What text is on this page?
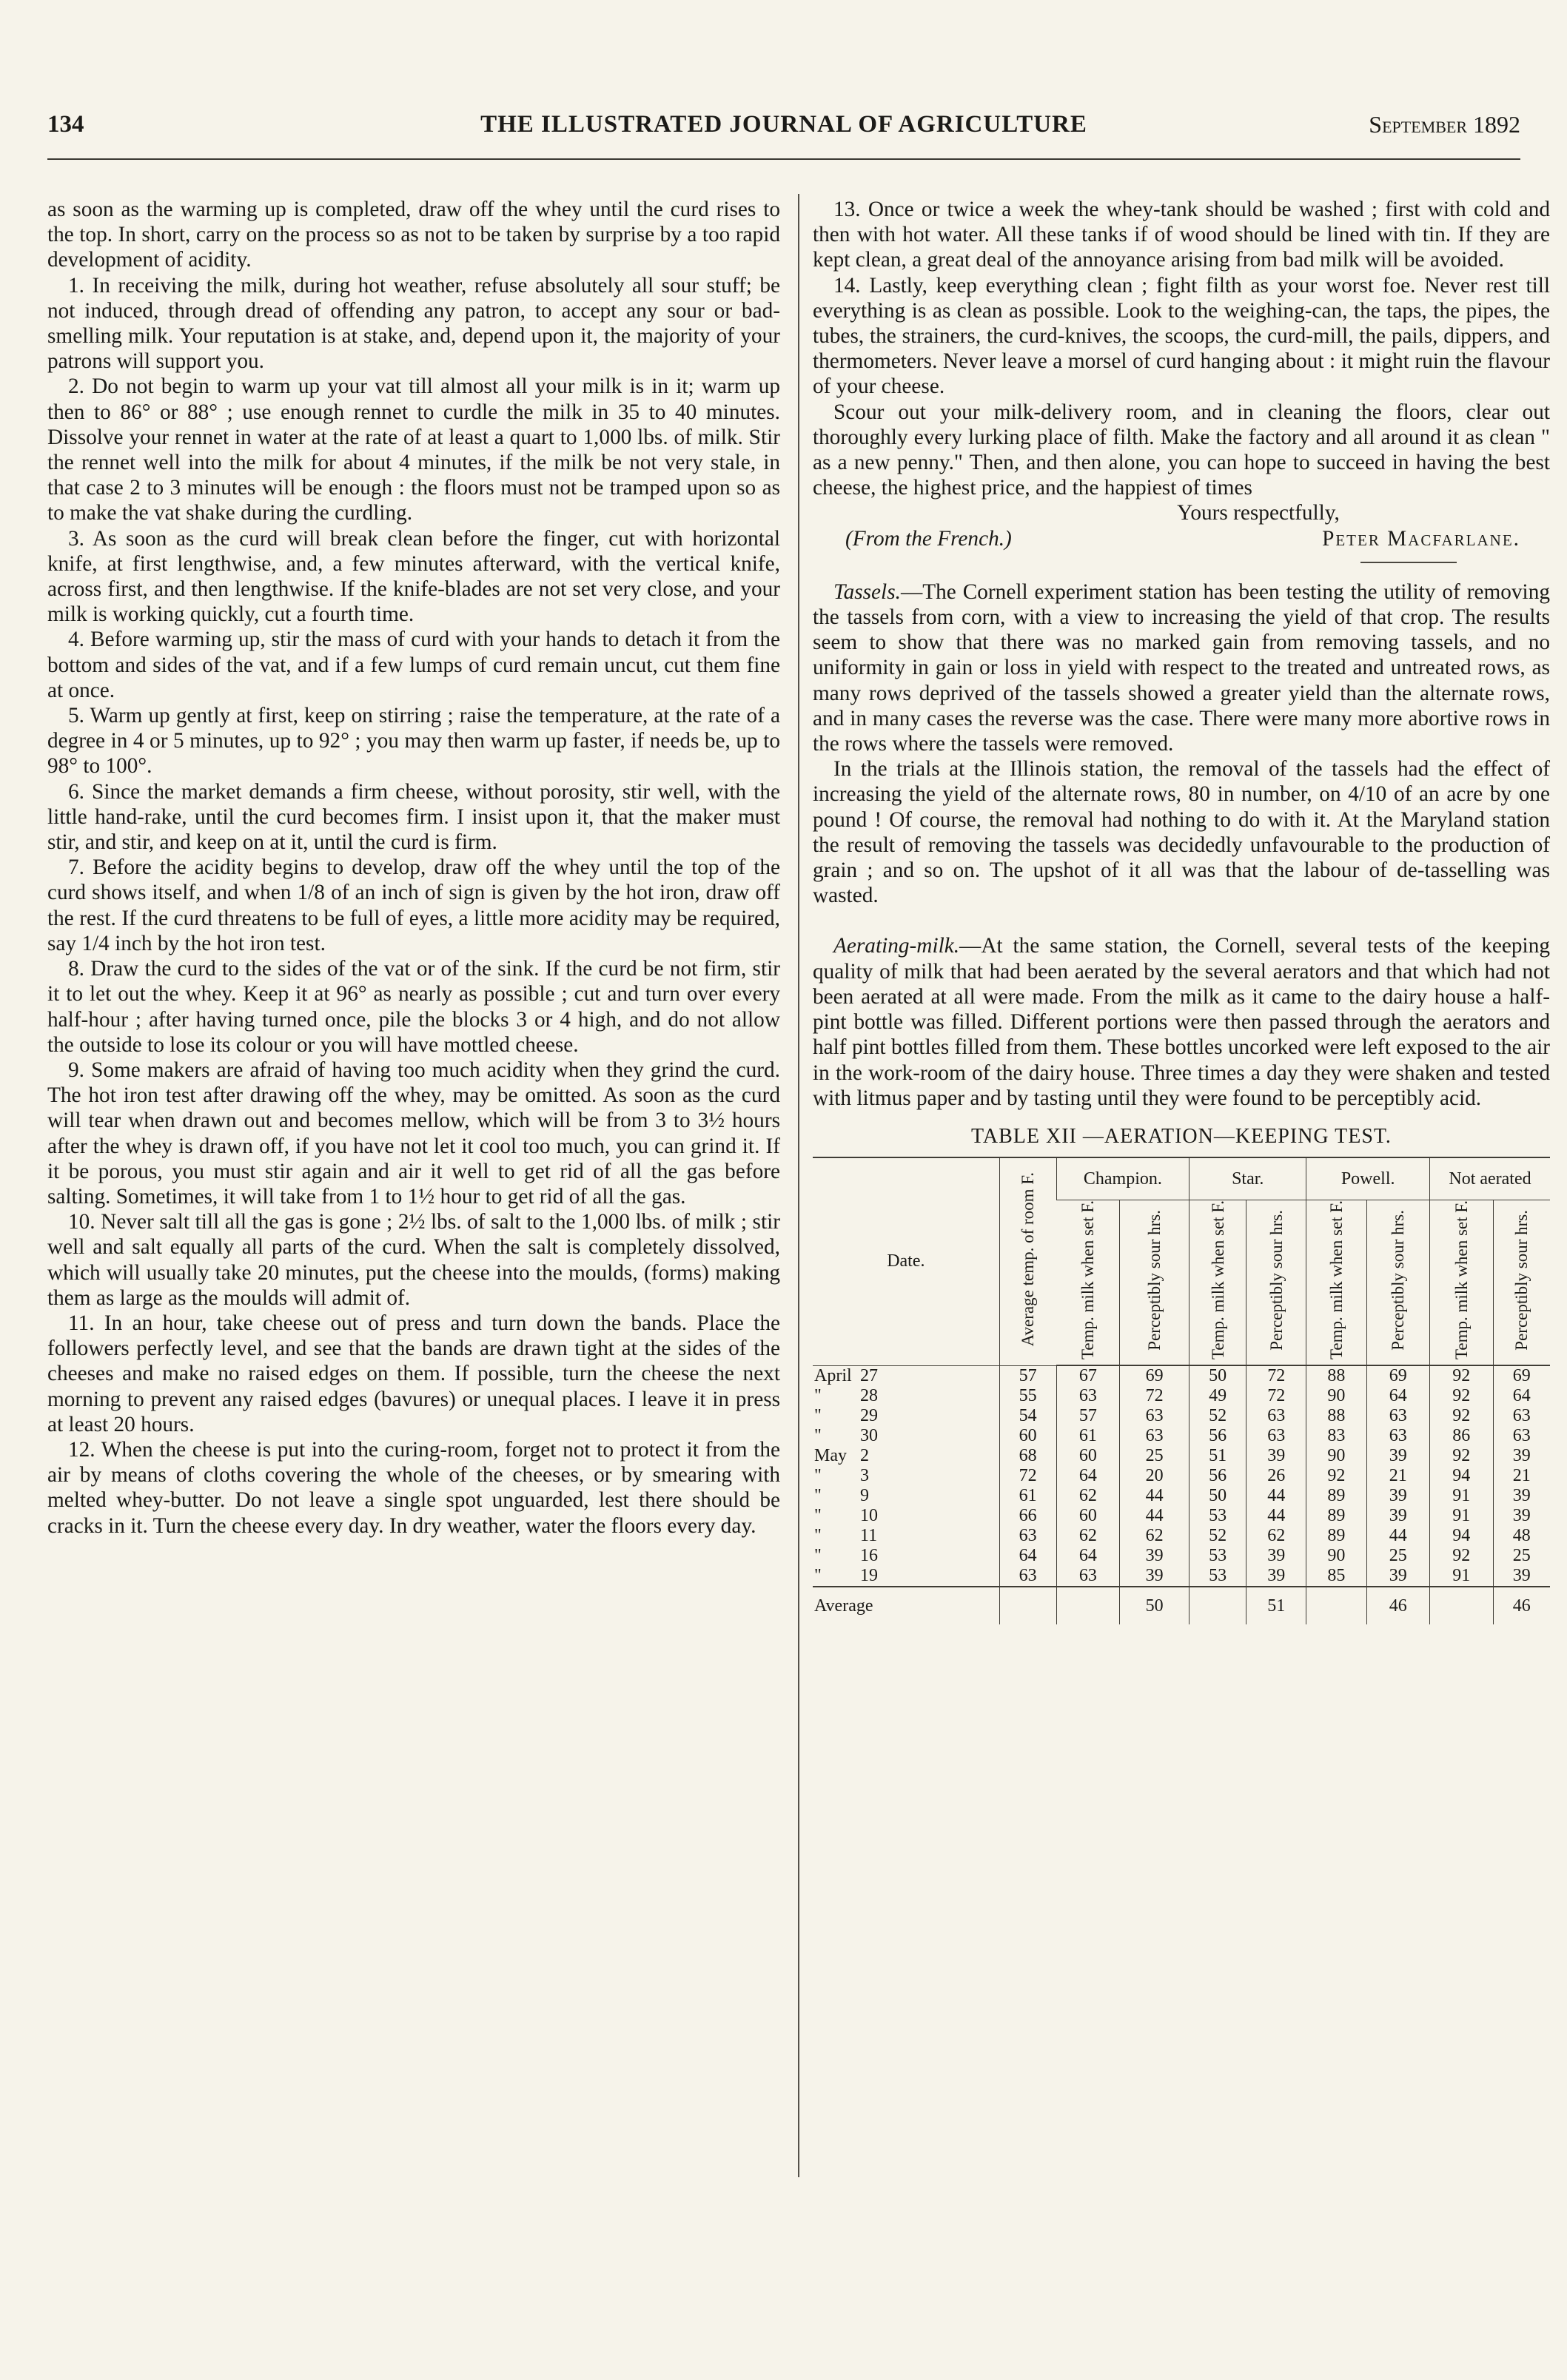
134	THE ILLUSTRATED JOURNAL OF AGRICULTURE	September 1892

as soon as the warming up is completed, draw off the whey until the curd rises to the top. In short, carry on the process so as not to be taken by surprise by a too rapid development of acidity.

1. In receiving the milk, during hot weather, refuse absolutely all sour stuff; be not induced, through dread of offending any patron, to accept any sour or bad-smelling milk. Your reputation is at stake, and, depend upon it, the majority of your patrons will support you.

2. Do not begin to warm up your vat till almost all your milk is in it; warm up then to 86° or 88° ; use enough rennet to curdle the milk in 35 to 40 minutes. Dissolve your rennet in water at the rate of at least a quart to 1,000 lbs. of milk. Stir the rennet well into the milk for about 4 minutes, if the milk be not very stale, in that case 2 to 3 minutes will be enough : the floors must not be tramped upon so as to make the vat shake during the curdling.

3. As soon as the curd will break clean before the finger, cut with horizontal knife, at first lengthwise, and, a few minutes afterward, with the vertical knife, across first, and then lengthwise. If the knife-blades are not set very close, and your milk is working quickly, cut a fourth time.

4. Before warming up, stir the mass of curd with your hands to detach it from the bottom and sides of the vat, and if a few lumps of curd remain uncut, cut them fine at once.

5. Warm up gently at first, keep on stirring ; raise the temperature, at the rate of a degree in 4 or 5 minutes, up to 92° ; you may then warm up faster, if needs be, up to 98° to 100°.

6. Since the market demands a firm cheese, without porosity, stir well, with the little hand-rake, until the curd becomes firm. I insist upon it, that the maker must stir, and stir, and keep on at it, until the curd is firm.

7. Before the acidity begins to develop, draw off the whey until the top of the curd shows itself, and when 1/8 of an inch of sign is given by the hot iron, draw off the rest. If the curd threatens to be full of eyes, a little more acidity may be required, say 1/4 inch by the hot iron test.

8. Draw the curd to the sides of the vat or of the sink. If the curd be not firm, stir it to let out the whey. Keep it at 96° as nearly as possible ; cut and turn over every half-hour ; after having turned once, pile the blocks 3 or 4 high, and do not allow the outside to lose its colour or you will have mottled cheese.

9. Some makers are afraid of having too much acidity when they grind the curd. The hot iron test after drawing off the whey, may be omitted. As soon as the curd will tear when drawn out and becomes mellow, which will be from 3 to 3½ hours after the whey is drawn off, if you have not let it cool too much, you can grind it. If it be porous, you must stir again and air it well to get rid of all the gas before salting. Sometimes, it will take from 1 to 1½ hour to get rid of all the gas.

10. Never salt till all the gas is gone ; 2½ lbs. of salt to the 1,000 lbs. of milk ; stir well and salt equally all parts of the curd. When the salt is completely dissolved, which will usually take 20 minutes, put the cheese into the moulds, (forms) making them as large as the moulds will admit of.

11. In an hour, take cheese out of press and turn down the bands. Place the followers perfectly level, and see that the bands are drawn tight at the sides of the cheeses and make no raised edges on them. If possible, turn the cheese the next morning to prevent any raised edges (bavures) or unequal places. I leave it in press at least 20 hours.

12. When the cheese is put into the curing-room, forget not to protect it from the air by means of cloths covering the whole of the cheeses, or by smearing with melted whey-butter. Do not leave a single spot unguarded, lest there should be cracks in it. Turn the cheese every day. In dry weather, water the floors every day.

13. Once or twice a week the whey-tank should be washed ; first with cold and then with hot water. All these tanks if of wood should be lined with tin. If they are kept clean, a great deal of the annoyance arising from bad milk will be avoided.

14. Lastly, keep everything clean ; fight filth as your worst foe. Never rest till everything is as clean as possible. Look to the weighing-can, the taps, the pipes, the tubes, the strainers, the curd-knives, the scoops, the curd-mill, the pails, dippers, and thermometers. Never leave a morsel of curd hanging about : it might ruin the flavour of your cheese.

Scour out your milk-delivery room, and in cleaning the floors, clear out thoroughly every lurking place of filth. Make the factory and all around it as clean " as a new penny." Then, and then alone, you can hope to succeed in having the best cheese, the highest price, and the happiest of times

Yours respectfully,

(From the French.)	Peter Macfarlane.

Tassels.—The Cornell experiment station has been testing the utility of removing the tassels from corn, with a view to increasing the yield of that crop. The results seem to show that there was no marked gain from removing tassels, and no uniformity in gain or loss in yield with respect to the treated and untreated rows, as many rows deprived of the tassels showed a greater yield than the alternate rows, and in many cases the reverse was the case. There were many more abortive rows in the rows where the tassels were removed.

In the trials at the Illinois station, the removal of the tassels had the effect of increasing the yield of the alternate rows, 80 in number, on 4/10 of an acre by one pound ! Of course, the removal had nothing to do with it. At the Maryland station the result of removing the tassels was decidedly unfavourable to the production of grain ; and so on. The upshot of it all was that the labour of de-tasselling was wasted.

Aerating-milk.—At the same station, the Cornell, several tests of the keeping quality of milk that had been aerated by the several aerators and that which had not been aerated at all were made. From the milk as it came to the dairy house a half-pint bottle was filled. Different portions were then passed through the aerators and half pint bottles filled from them. These bottles uncorked were left exposed to the air in the work-room of the dairy house. Three times a day they were shaken and tested with litmus paper and by tasting until they were found to be perceptibly acid.

TABLE XII —AERATION—KEEPING TEST.
Date.	Average temp. of room F.	Champion.		Star.		Powell.		Not aerated	
		Temp. milk when set F.	Perceptibly sour hrs.	Temp. milk when set F.	Perceptibly sour hrs.	Temp. milk when set F.	Perceptibly sour hrs.	Temp. milk when set F.	Perceptibly sour hrs.
April 27	57	67	69	50	72	88	69	92	69
" 28	55	63	72	49	72	90	64	92	64
" 29	54	57	63	52	63	88	63	92	63
" 30	60	61	63	56	63	83	63	86	63
May 2	68	60	25	51	39	90	39	92	39
" 3	72	64	20	56	26	92	21	94	21
" 9	61	62	44	50	44	89	39	91	39
" 10	66	60	44	53	44	89	39	91	39
" 11	63	62	62	52	62	89	44	94	48
" 16	64	64	39	53	39	90	25	92	25
" 19	63	63	39	53	39	85	39	91	39
Average			50		51		46		46
